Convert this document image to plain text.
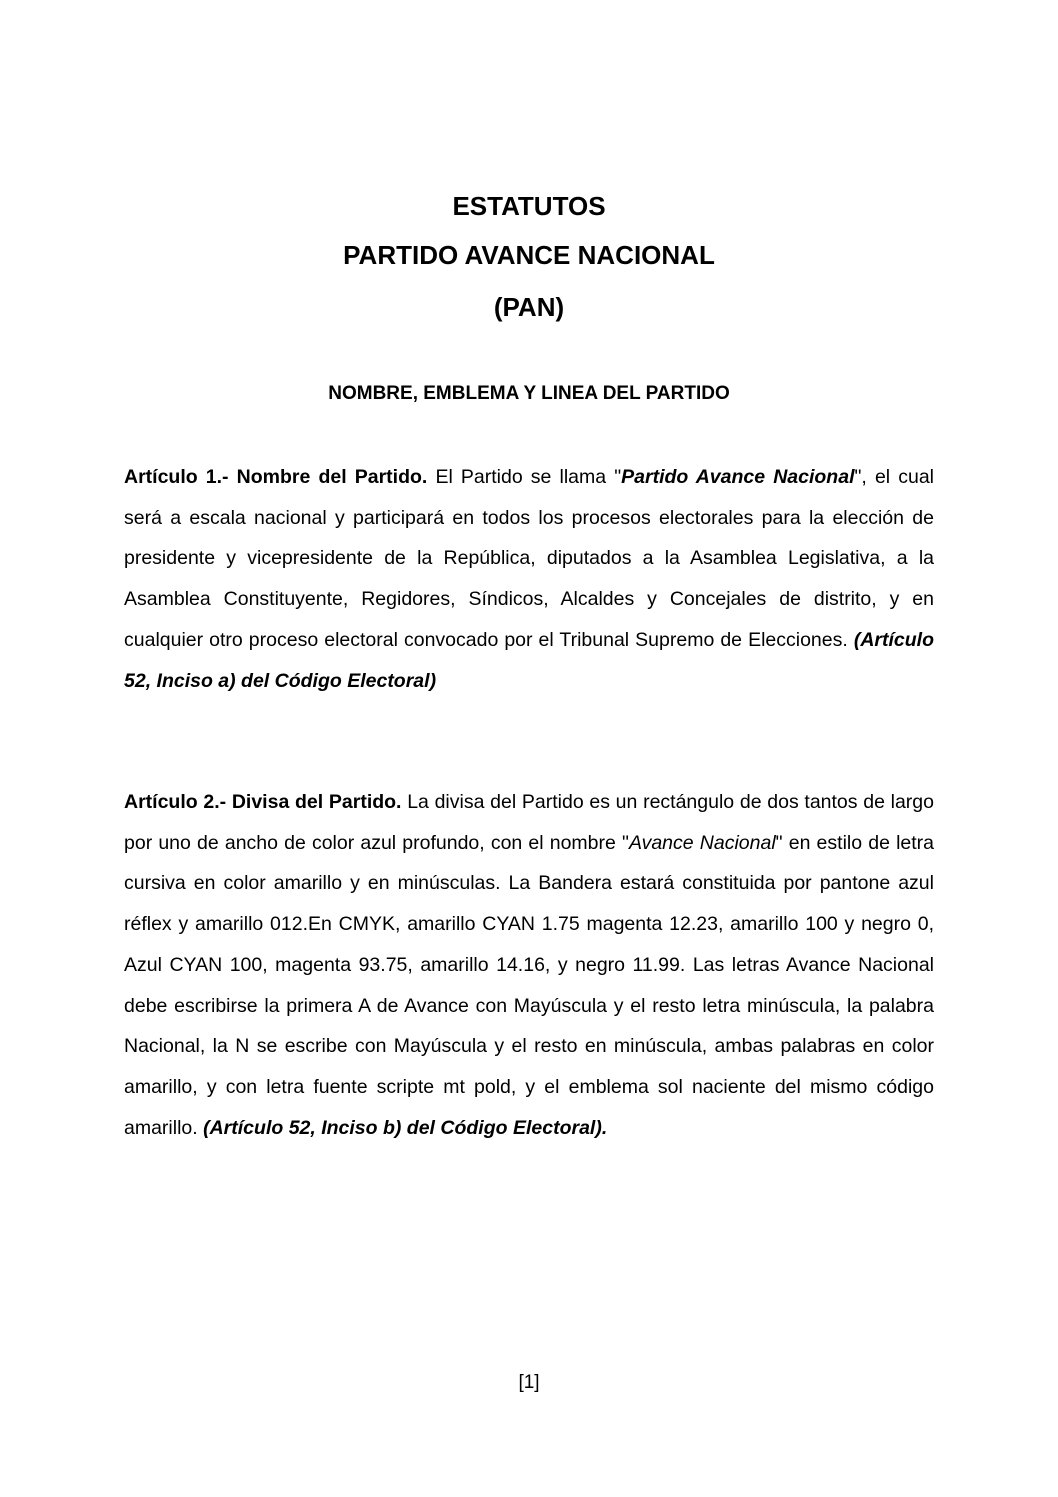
ESTATUTOS
PARTIDO AVANCE NACIONAL
(PAN)
NOMBRE, EMBLEMA Y LINEA DEL PARTIDO

Artículo 1.- Nombre del Partido. El Partido se llama "Partido Avance Nacional", el cual será a escala nacional y participará en todos los procesos electorales para la elección de presidente y vicepresidente de la República, diputados a la Asamblea Legislativa, a la Asamblea Constituyente, Regidores, Síndicos, Alcaldes y Concejales de distrito, y en cualquier otro proceso electoral convocado por el Tribunal Supremo de Elecciones. (Artículo 52, Inciso a) del Código Electoral)

Artículo 2.- Divisa del Partido. La divisa del Partido es un rectángulo de dos tantos de largo por uno de ancho de color azul profundo, con el nombre "Avance Nacional" en estilo de letra cursiva en color amarillo y en minúsculas. La Bandera estará constituida por pantone azul réflex y amarillo 012.En CMYK, amarillo CYAN 1.75 magenta 12.23, amarillo 100 y negro 0, Azul CYAN 100, magenta 93.75, amarillo 14.16, y negro 11.99. Las letras Avance Nacional debe escribirse la primera A de Avance con Mayúscula y el resto letra minúscula, la palabra Nacional, la N se escribe con Mayúscula y el resto en minúscula, ambas palabras en color amarillo, y con letra fuente scripte mt pold, y el emblema sol naciente del mismo código amarillo. (Artículo 52, Inciso b) del Código Electoral).

[1]
